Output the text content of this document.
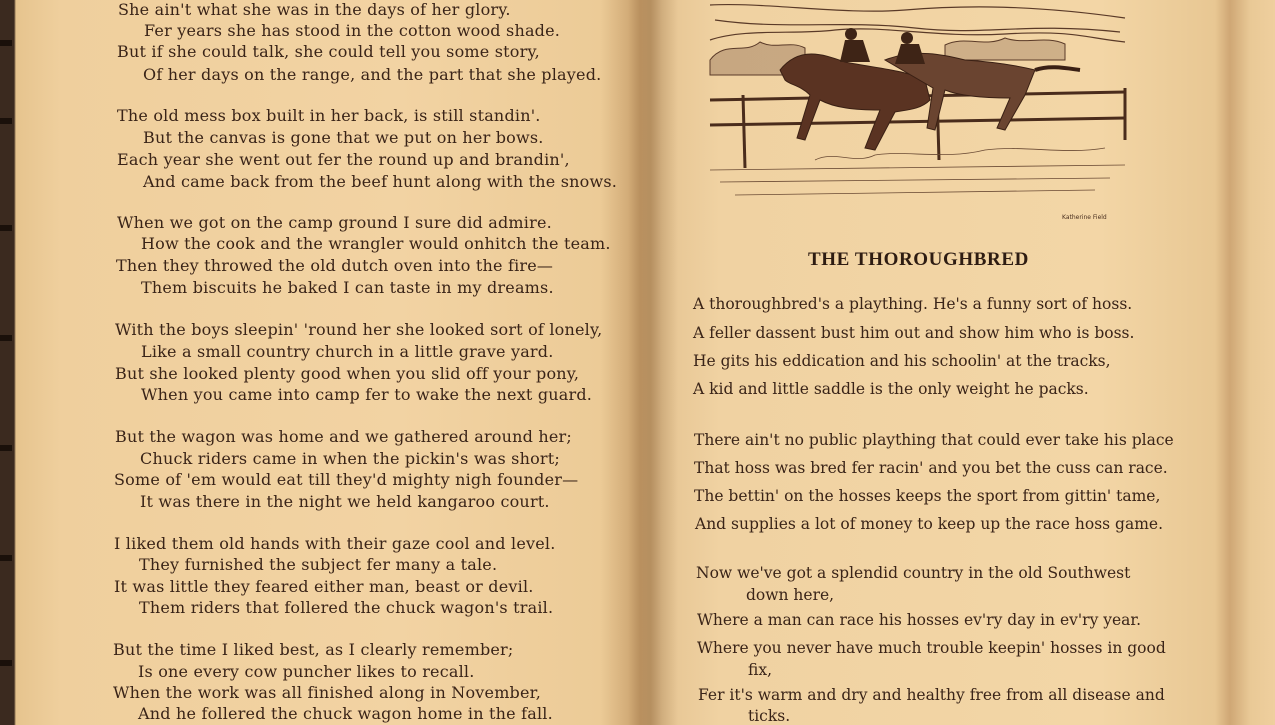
She ain't what she was in the days of her glory.
Fer years she has stood in the cotton wood shade.
But if she could talk, she could tell you some story,
Of her days on the range, and the part that she played.
The old mess box built in her back, is still standin'.
But the canvas is gone that we put on her bows.
Each year she went out fer the round up and brandin',
And came back from the beef hunt along with the snows.
When we got on the camp ground I sure did admire.
How the cook and the wrangler would onhitch the team.
Then they throwed the old dutch oven into the fire—
Them biscuits he baked I can taste in my dreams.
With the boys sleepin' 'round her she looked sort of lonely,
Like a small country church in a little grave yard.
But she looked plenty good when you slid off your pony,
When you came into camp fer to wake the next guard.
But the wagon was home and we gathered around her;
Chuck riders came in when the pickin's was short;
Some of 'em would eat till they'd mighty nigh founder—
It was there in the night we held kangaroo court.
I liked them old hands with their gaze cool and level.
They furnished the subject fer many a tale.
It was little they feared either man, beast or devil.
Them riders that follered the chuck wagon's trail.
But the time I liked best, as I clearly remember;
Is one every cow puncher likes to recall.
When the work was all finished along in November,
And he follered the chuck wagon home in the fall.
Katherine Field
THE THOROUGHBRED
A thoroughbred's a plaything. He's a funny sort of hoss.
A feller dassent bust him out and show him who is boss.
He gits his eddication and his schoolin' at the tracks,
A kid and little saddle is the only weight he packs.
There ain't no public plaything that could ever take his place
That hoss was bred fer racin' and you bet the cuss can race.
The bettin' on the hosses keeps the sport from gittin' tame,
And supplies a lot of money to keep up the race hoss game.
Now we've got a splendid country in the old Southwest
down here,
Where a man can race his hosses ev'ry day in ev'ry year.
Where you never have much trouble keepin' hosses in good
fix,
Fer it's warm and dry and healthy free from all disease and
ticks.
